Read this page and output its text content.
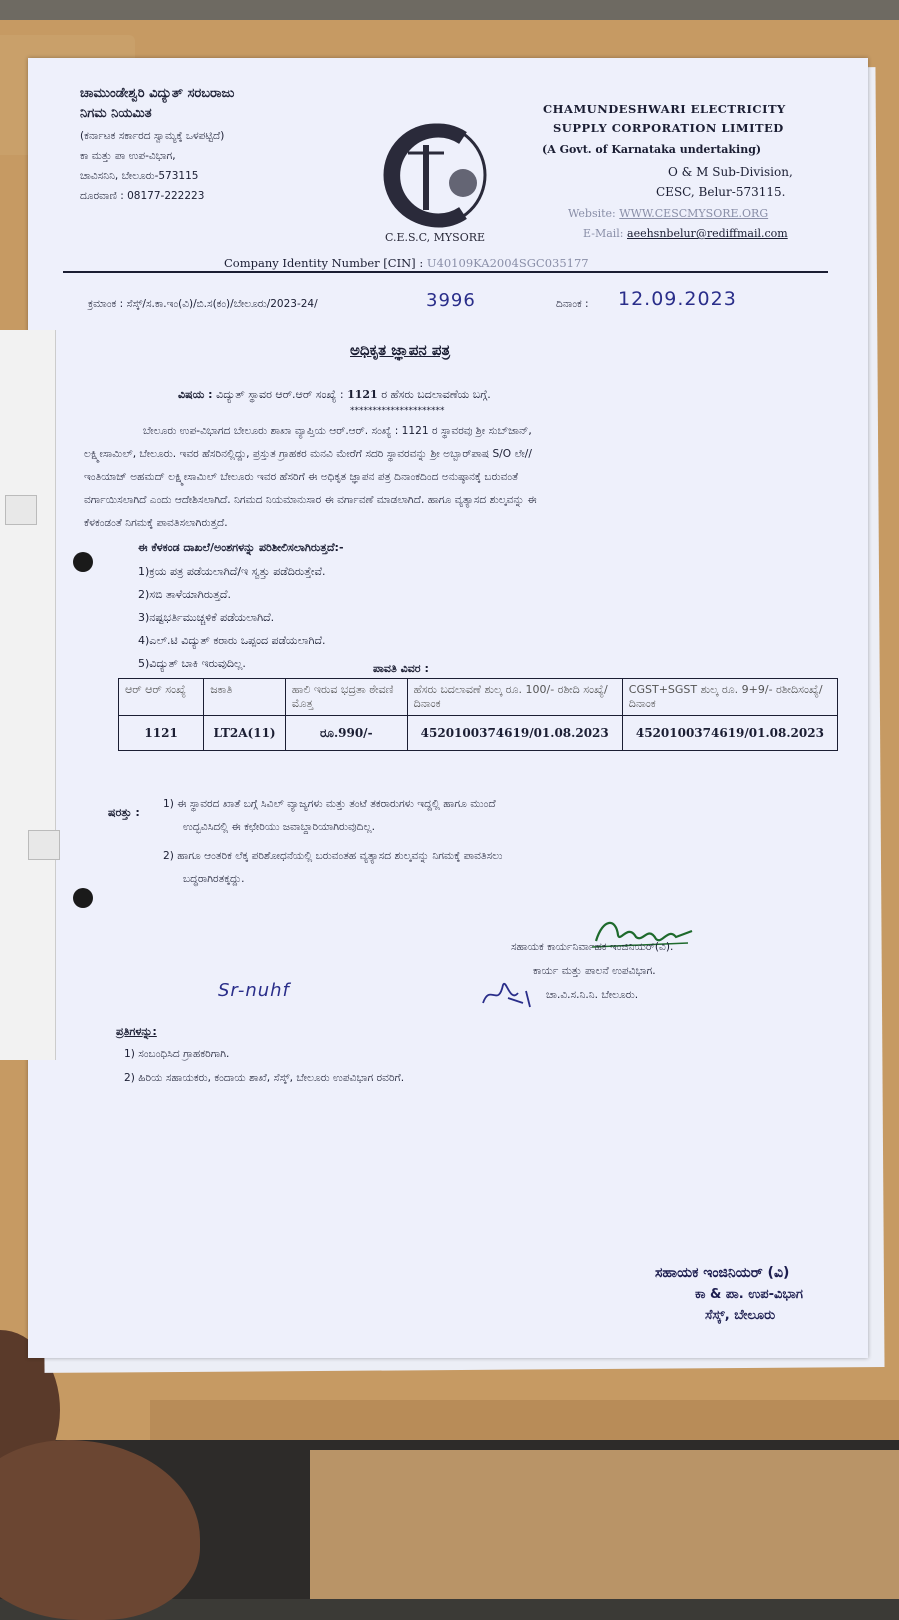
ಚಾಮುಂಡೇಶ್ವರಿ ವಿದ್ಯುತ್ ಸರಬರಾಜು
ನಿಗಮ ನಿಯಮಿತ
(ಕರ್ನಾಟಕ ಸರ್ಕಾರದ ಸ್ವಾಮ್ಯಕ್ಕೆ ಒಳಪಟ್ಟಿದೆ)
ಕಾ ಮತ್ತು ಪಾ ಉಪ-ವಿಭಾಗ,
ಚಾವಿಸನಿನಿ, ಬೇಲೂರು-573115
ದೂರವಾಣಿ : 08177-222223
C.E.S.C, MYSORE
CHAMUNDESHWARI ELECTRICITY
SUPPLY CORPORATION LIMITED
(A Govt. of Karnataka undertaking)
O & M Sub-Division,
CESC, Belur-573115.
Website: WWW.CESCMYSORE.ORG
E-Mail: aeehsnbelur@rediffmail.com
Company Identity Number [CIN] : U40109KA2004SGC035177
ಕ್ರಮಾಂಕ : ಸೆಸ್ಕ್/ಸ.ಕಾ.ಇಂ(ವಿ)/ಬಿ.ಸ(ಕಂ)/ಬೇಲೂರು/2023-24/	3996	ದಿನಾಂಕ : 12.09.2023
ಅಧಿಕೃತ ಜ್ಞಾಪನ ಪತ್ರ
ವಿಷಯ : ವಿದ್ಯುತ್ ಸ್ಥಾವರ ಆರ್.ಆರ್ ಸಂಖ್ಯೆ : 1121 ರ ಹೆಸರು ಬದಲಾವಣೆಯ ಬಗ್ಗೆ.
*********************
ಬೇಲೂರು ಉಪ-ವಿಭಾಗದ ಬೇಲೂರು ಶಾಖಾ ವ್ಯಾಪ್ತಿಯ ಆರ್.ಆರ್. ಸಂಖ್ಯೆ : 1121 ರ ಸ್ಥಾವರವು ಶ್ರೀ ಸುಬ್‌ಜಾನ್,
ಲಕ್ಷ್ಮೀಸಾಮಿಲ್, ಬೇಲೂರು. ಇವರ ಹೆಸರಿನಲ್ಲಿದ್ದು, ಪ್ರಸ್ತುತ ಗ್ರಾಹಕರ ಮನವಿ ಮೇರೆಗೆ ಸದರಿ ಸ್ಥಾವರವನ್ನು ಶ್ರೀ ಅಬ್ಬಾರ್‌ಪಾಷ S/O ಲೇ//
ಇಂತಿಯಾಜ್ ಅಹಮದ್ ಲಕ್ಷ್ಮೀಸಾಮಿಲ್ ಬೇಲೂರು ಇವರ ಹೆಸರಿಗೆ ಈ ಅಧಿಕೃತ ಜ್ಞಾಪನ ಪತ್ರ ದಿನಾಂಕದಿಂದ ಅನುಷ್ಠಾನಕ್ಕೆ ಬರುವಂತೆ
ವರ್ಗಾಯಿಸಲಾಗಿದೆ ಎಂದು ಆದೇಶಿಸಲಾಗಿದೆ. ನಿಗಮದ ನಿಯಮಾನುಸಾರ ಈ ವರ್ಗಾವಣೆ ಮಾಡಲಾಗಿದೆ. ಹಾಗೂ ವ್ಯತ್ಯಾಸದ ಶುಲ್ಕವನ್ನು ಈ
ಕೆಳಕಂಡಂತೆ ನಿಗಮಕ್ಕೆ ಪಾವತಿಸಲಾಗಿರುತ್ತದೆ.
ಈ ಕೆಳಕಂಡ ದಾಖಲೆ/ಅಂಶಗಳನ್ನು ಪರಿಶೀಲಿಸಲಾಗಿರುತ್ತದೆ:-
1)ಕ್ರಯ ಪತ್ರ ಪಡೆಯಲಾಗಿದೆ/ಇ ಸ್ವತ್ತು ಪಡೆದಿರುತ್ತೇವೆ.
2)ಸಬಿ ತಾಳೆಯಾಗಿರುತ್ತದೆ.
3)ನಷ್ಟಭರ್ತಿಮುಚ್ಚಳಿಕೆ ಪಡೆಯಲಾಗಿದೆ.
4)ಎಲ್.ಟಿ ವಿದ್ಯುತ್ ಕರಾರು ಒಪ್ಪಂದ ಪಡೆಯಲಾಗಿದೆ.
5)ವಿದ್ಯುತ್ ಬಾಕಿ ಇರುವುದಿಲ್ಲ.	ಪಾವತಿ ವಿವರ :
ಆರ್ ಆರ್ ಸಂಖ್ಯೆ	ಜಕಾತಿ	ಹಾಲಿ ಇರುವ ಭದ್ರತಾ ಠೇವಣಿ ಮೊತ್ತ	ಹೆಸರು ಬದಲಾವಣೆ ಶುಲ್ಕ ರೂ. 100/- ರಶೀದಿ ಸಂಖ್ಯೆ/ದಿನಾಂಕ	CGST+SGST ಶುಲ್ಕ ರೂ. 9+9/- ರಶೀದಿಸಂಖ್ಯೆ/ದಿನಾಂಕ
1121	LT2A(11)	ರೂ.990/-	4520100374619/01.08.2023	4520100374619/01.08.2023
ಷರತ್ತು :
1) ಈ ಸ್ಥಾವರದ ಖಾತೆ ಬಗ್ಗೆ ಸಿವಿಲ್ ವ್ಯಾಜ್ಯಗಳು ಮತ್ತು ತಂಟೆ ತಕರಾರುಗಳು ಇದ್ದಲ್ಲಿ ಹಾಗೂ ಮುಂದೆ
ಉದ್ಭವಿಸಿದಲ್ಲಿ ಈ ಕಛೇರಿಯು ಜವಾಬ್ದಾರಿಯಾಗಿರುವುದಿಲ್ಲ.
2) ಹಾಗೂ ಆಂತರಿಕ ಲೆಕ್ಕ ಪರಿಶೋಧನೆಯಲ್ಲಿ ಬರುವಂತಹ ವ್ಯತ್ಯಾಸದ ಶುಲ್ಕವನ್ನು ನಿಗಮಕ್ಕೆ ಪಾವತಿಸಲು
ಬದ್ಧರಾಗಿರತಕ್ಕದ್ದು.
ಸಹಾಯಕ ಕಾರ್ಯನಿರ್ವಾಹಕ ಇಂಜಿನಿಯರ್(ವಿ).
ಕಾರ್ಯ ಮತ್ತು ಪಾಲನೆ ಉಪವಿಭಾಗ.
ಚಾ.ವಿ.ಸ.ನಿ.ನಿ. ಬೇಲೂರು.
Sr-nuhf
ಪ್ರತಿಗಳನ್ನು:
1) ಸಂಬಂಧಿಸಿದ ಗ್ರಾಹಕರಿಗಾಗಿ.
2) ಹಿರಿಯ ಸಹಾಯಕರು, ಕಂದಾಯ ಶಾಖೆ, ಸೆಸ್ಕ್, ಬೇಲೂರು ಉಪವಿಭಾಗ ರವರಿಗೆ.
ಸಹಾಯಕ ಇಂಜಿನಿಯರ್ (ವಿ)
ಕಾ & ಪಾ. ಉಪ-ವಿಭಾಗ
ಸೆಸ್ಕ್, ಬೇಲೂರು
